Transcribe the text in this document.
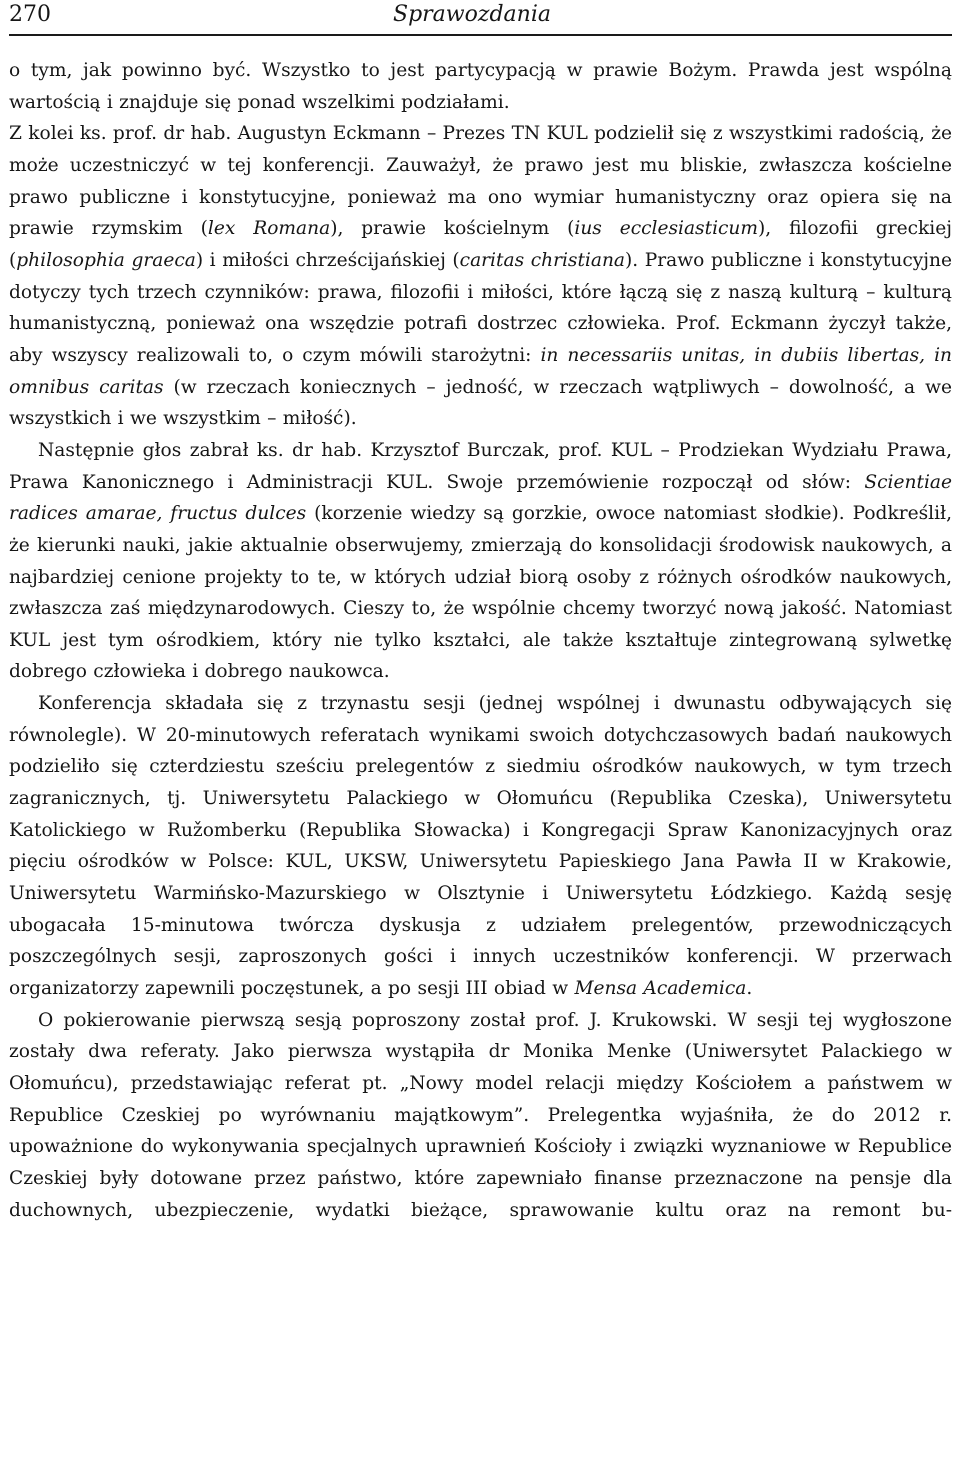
270	Sprawozdania

o tym, jak powinno być. Wszystko to jest partycypacją w prawie Bożym. Prawda jest wspólną wartością i znajduje się ponad wszelkimi podziałami.

Z kolei ks. prof. dr hab. Augustyn Eckmann – Prezes TN KUL podzielił się z wszystkimi radością, że może uczestniczyć w tej konferencji. Zauważył, że prawo jest mu bliskie, zwłaszcza kościelne prawo publiczne i konstytucyjne, ponieważ ma ono wymiar humanistyczny oraz opiera się na prawie rzymskim (lex Romana), prawie kościelnym (ius ecclesiasticum), filozofii greckiej (philosophia graeca) i miłości chrześcijańskiej (caritas christiana). Prawo publiczne i konstytucyjne dotyczy tych trzech czynników: prawa, filozofii i miłości, które łączą się z naszą kulturą – kulturą humanistyczną, ponieważ ona wszędzie potrafi dostrzec człowieka. Prof. Eckmann życzył także, aby wszyscy realizowali to, o czym mówili starożytni: in necessariis unitas, in dubiis libertas, in omnibus caritas (w rzeczach koniecznych – jedność, w rzeczach wątpliwych – dowolność, a we wszystkich i we wszystkim – miłość).

Następnie głos zabrał ks. dr hab. Krzysztof Burczak, prof. KUL – Prodziekan Wydziału Prawa, Prawa Kanonicznego i Administracji KUL. Swoje przemówienie rozpoczął od słów: Scientiae radices amarae, fructus dulces (korzenie wiedzy są gorzkie, owoce natomiast słodkie). Podkreślił, że kierunki nauki, jakie aktualnie obserwujemy, zmierzają do konsolidacji środowisk naukowych, a najbardziej cenione projekty to te, w których udział biorą osoby z różnych ośrodków naukowych, zwłaszcza zaś międzynarodowych. Cieszy to, że wspólnie chcemy tworzyć nową jakość. Natomiast KUL jest tym ośrodkiem, który nie tylko kształci, ale także kształtuje zintegrowaną sylwetkę dobrego człowieka i dobrego naukowca.

Konferencja składała się z trzynastu sesji (jednej wspólnej i dwunastu odbywających się równolegle). W 20-minutowych referatach wynikami swoich dotychczasowych badań naukowych podzieliło się czterdziestu sześciu prelegentów z siedmiu ośrodków naukowych, w tym trzech zagranicznych, tj. Uniwersytetu Palackiego w Ołomuńcu (Republika Czeska), Uniwersytetu Katolickiego w Ružomberku (Republika Słowacka) i Kongregacji Spraw Kanonizacyjnych oraz pięciu ośrodków w Polsce: KUL, UKSW, Uniwersytetu Papieskiego Jana Pawła II w Krakowie, Uniwersytetu Warmińsko-Mazurskiego w Olsztynie i Uniwersytetu Łódzkiego. Każdą sesję ubogacała 15-minutowa twórcza dyskusja z udziałem prelegentów, przewodniczących poszczególnych sesji, zaproszonych gości i innych uczestników konferencji. W przerwach organizatorzy zapewnili poczęstunek, a po sesji III obiad w Mensa Academica.

O pokierowanie pierwszą sesją poproszony został prof. J. Krukowski. W sesji tej wygłoszone zostały dwa referaty. Jako pierwsza wystąpiła dr Monika Menke (Uniwersytet Palackiego w Ołomuńcu), przedstawiając referat pt. „Nowy model relacji między Kościołem a państwem w Republice Czeskiej po wyrównaniu majątkowym”. Prelegentka wyjaśniła, że do 2012 r. upoważnione do wykonywania specjalnych uprawnień Kościoły i związki wyznaniowe w Republice Czeskiej były dotowane przez państwo, które zapewniało finanse przeznaczone na pensje dla duchownych, ubezpieczenie, wydatki bieżące, sprawowanie kultu oraz na remont bu-
